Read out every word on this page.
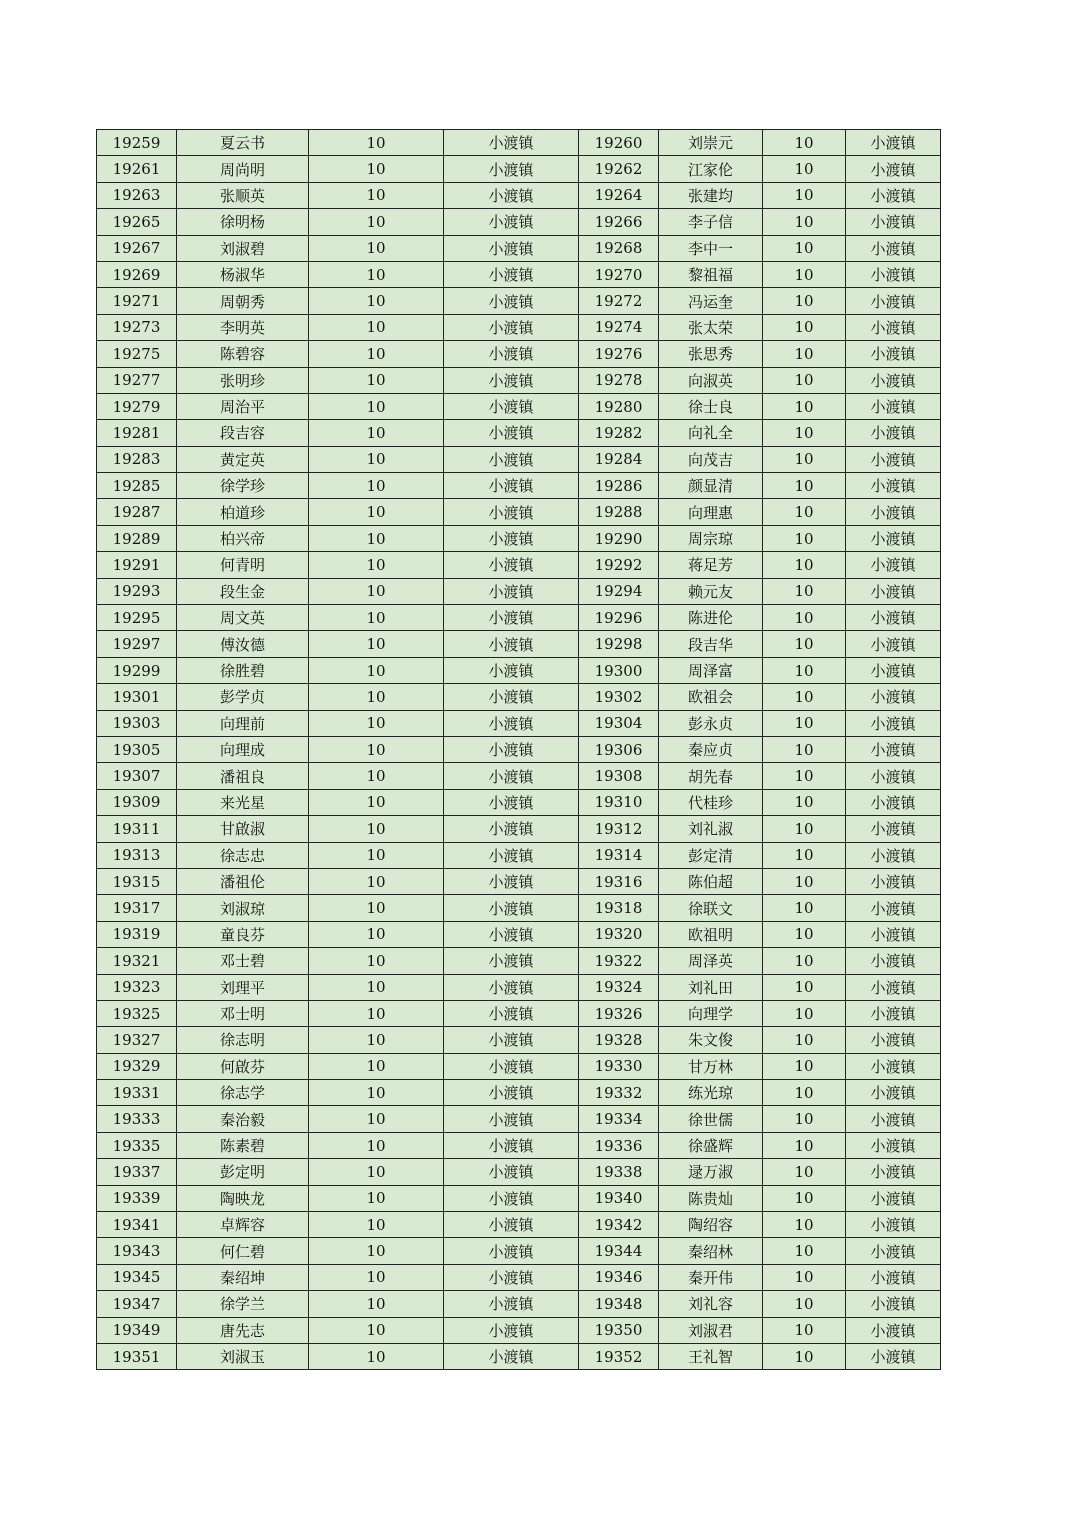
19259	夏云书	10	小渡镇	19260	刘崇元	10	小渡镇
19261	周尚明	10	小渡镇	19262	江家伦	10	小渡镇
19263	张顺英	10	小渡镇	19264	张建均	10	小渡镇
19265	徐明杨	10	小渡镇	19266	李子信	10	小渡镇
19267	刘淑碧	10	小渡镇	19268	李中一	10	小渡镇
19269	杨淑华	10	小渡镇	19270	黎祖福	10	小渡镇
19271	周朝秀	10	小渡镇	19272	冯运奎	10	小渡镇
19273	李明英	10	小渡镇	19274	张太荣	10	小渡镇
19275	陈碧容	10	小渡镇	19276	张思秀	10	小渡镇
19277	张明珍	10	小渡镇	19278	向淑英	10	小渡镇
19279	周治平	10	小渡镇	19280	徐士良	10	小渡镇
19281	段吉容	10	小渡镇	19282	向礼全	10	小渡镇
19283	黄定英	10	小渡镇	19284	向茂吉	10	小渡镇
19285	徐学珍	10	小渡镇	19286	颜显清	10	小渡镇
19287	柏道珍	10	小渡镇	19288	向理惠	10	小渡镇
19289	柏兴帝	10	小渡镇	19290	周宗琼	10	小渡镇
19291	何青明	10	小渡镇	19292	蒋足芳	10	小渡镇
19293	段生金	10	小渡镇	19294	赖元友	10	小渡镇
19295	周文英	10	小渡镇	19296	陈进伦	10	小渡镇
19297	傅汝德	10	小渡镇	19298	段吉华	10	小渡镇
19299	徐胜碧	10	小渡镇	19300	周泽富	10	小渡镇
19301	彭学贞	10	小渡镇	19302	欧祖会	10	小渡镇
19303	向理前	10	小渡镇	19304	彭永贞	10	小渡镇
19305	向理成	10	小渡镇	19306	秦应贞	10	小渡镇
19307	潘祖良	10	小渡镇	19308	胡先春	10	小渡镇
19309	来光星	10	小渡镇	19310	代桂珍	10	小渡镇
19311	甘啟淑	10	小渡镇	19312	刘礼淑	10	小渡镇
19313	徐志忠	10	小渡镇	19314	彭定清	10	小渡镇
19315	潘祖伦	10	小渡镇	19316	陈伯超	10	小渡镇
19317	刘淑琼	10	小渡镇	19318	徐联文	10	小渡镇
19319	童良芬	10	小渡镇	19320	欧祖明	10	小渡镇
19321	邓士碧	10	小渡镇	19322	周泽英	10	小渡镇
19323	刘理平	10	小渡镇	19324	刘礼田	10	小渡镇
19325	邓士明	10	小渡镇	19326	向理学	10	小渡镇
19327	徐志明	10	小渡镇	19328	朱文俊	10	小渡镇
19329	何啟芬	10	小渡镇	19330	甘万林	10	小渡镇
19331	徐志学	10	小渡镇	19332	练光琼	10	小渡镇
19333	秦治毅	10	小渡镇	19334	徐世儒	10	小渡镇
19335	陈素碧	10	小渡镇	19336	徐盛辉	10	小渡镇
19337	彭定明	10	小渡镇	19338	逯万淑	10	小渡镇
19339	陶映龙	10	小渡镇	19340	陈贵灿	10	小渡镇
19341	卓辉容	10	小渡镇	19342	陶绍容	10	小渡镇
19343	何仁碧	10	小渡镇	19344	秦绍林	10	小渡镇
19345	秦绍坤	10	小渡镇	19346	秦开伟	10	小渡镇
19347	徐学兰	10	小渡镇	19348	刘礼容	10	小渡镇
19349	唐先志	10	小渡镇	19350	刘淑君	10	小渡镇
19351	刘淑玉	10	小渡镇	19352	王礼智	10	小渡镇
